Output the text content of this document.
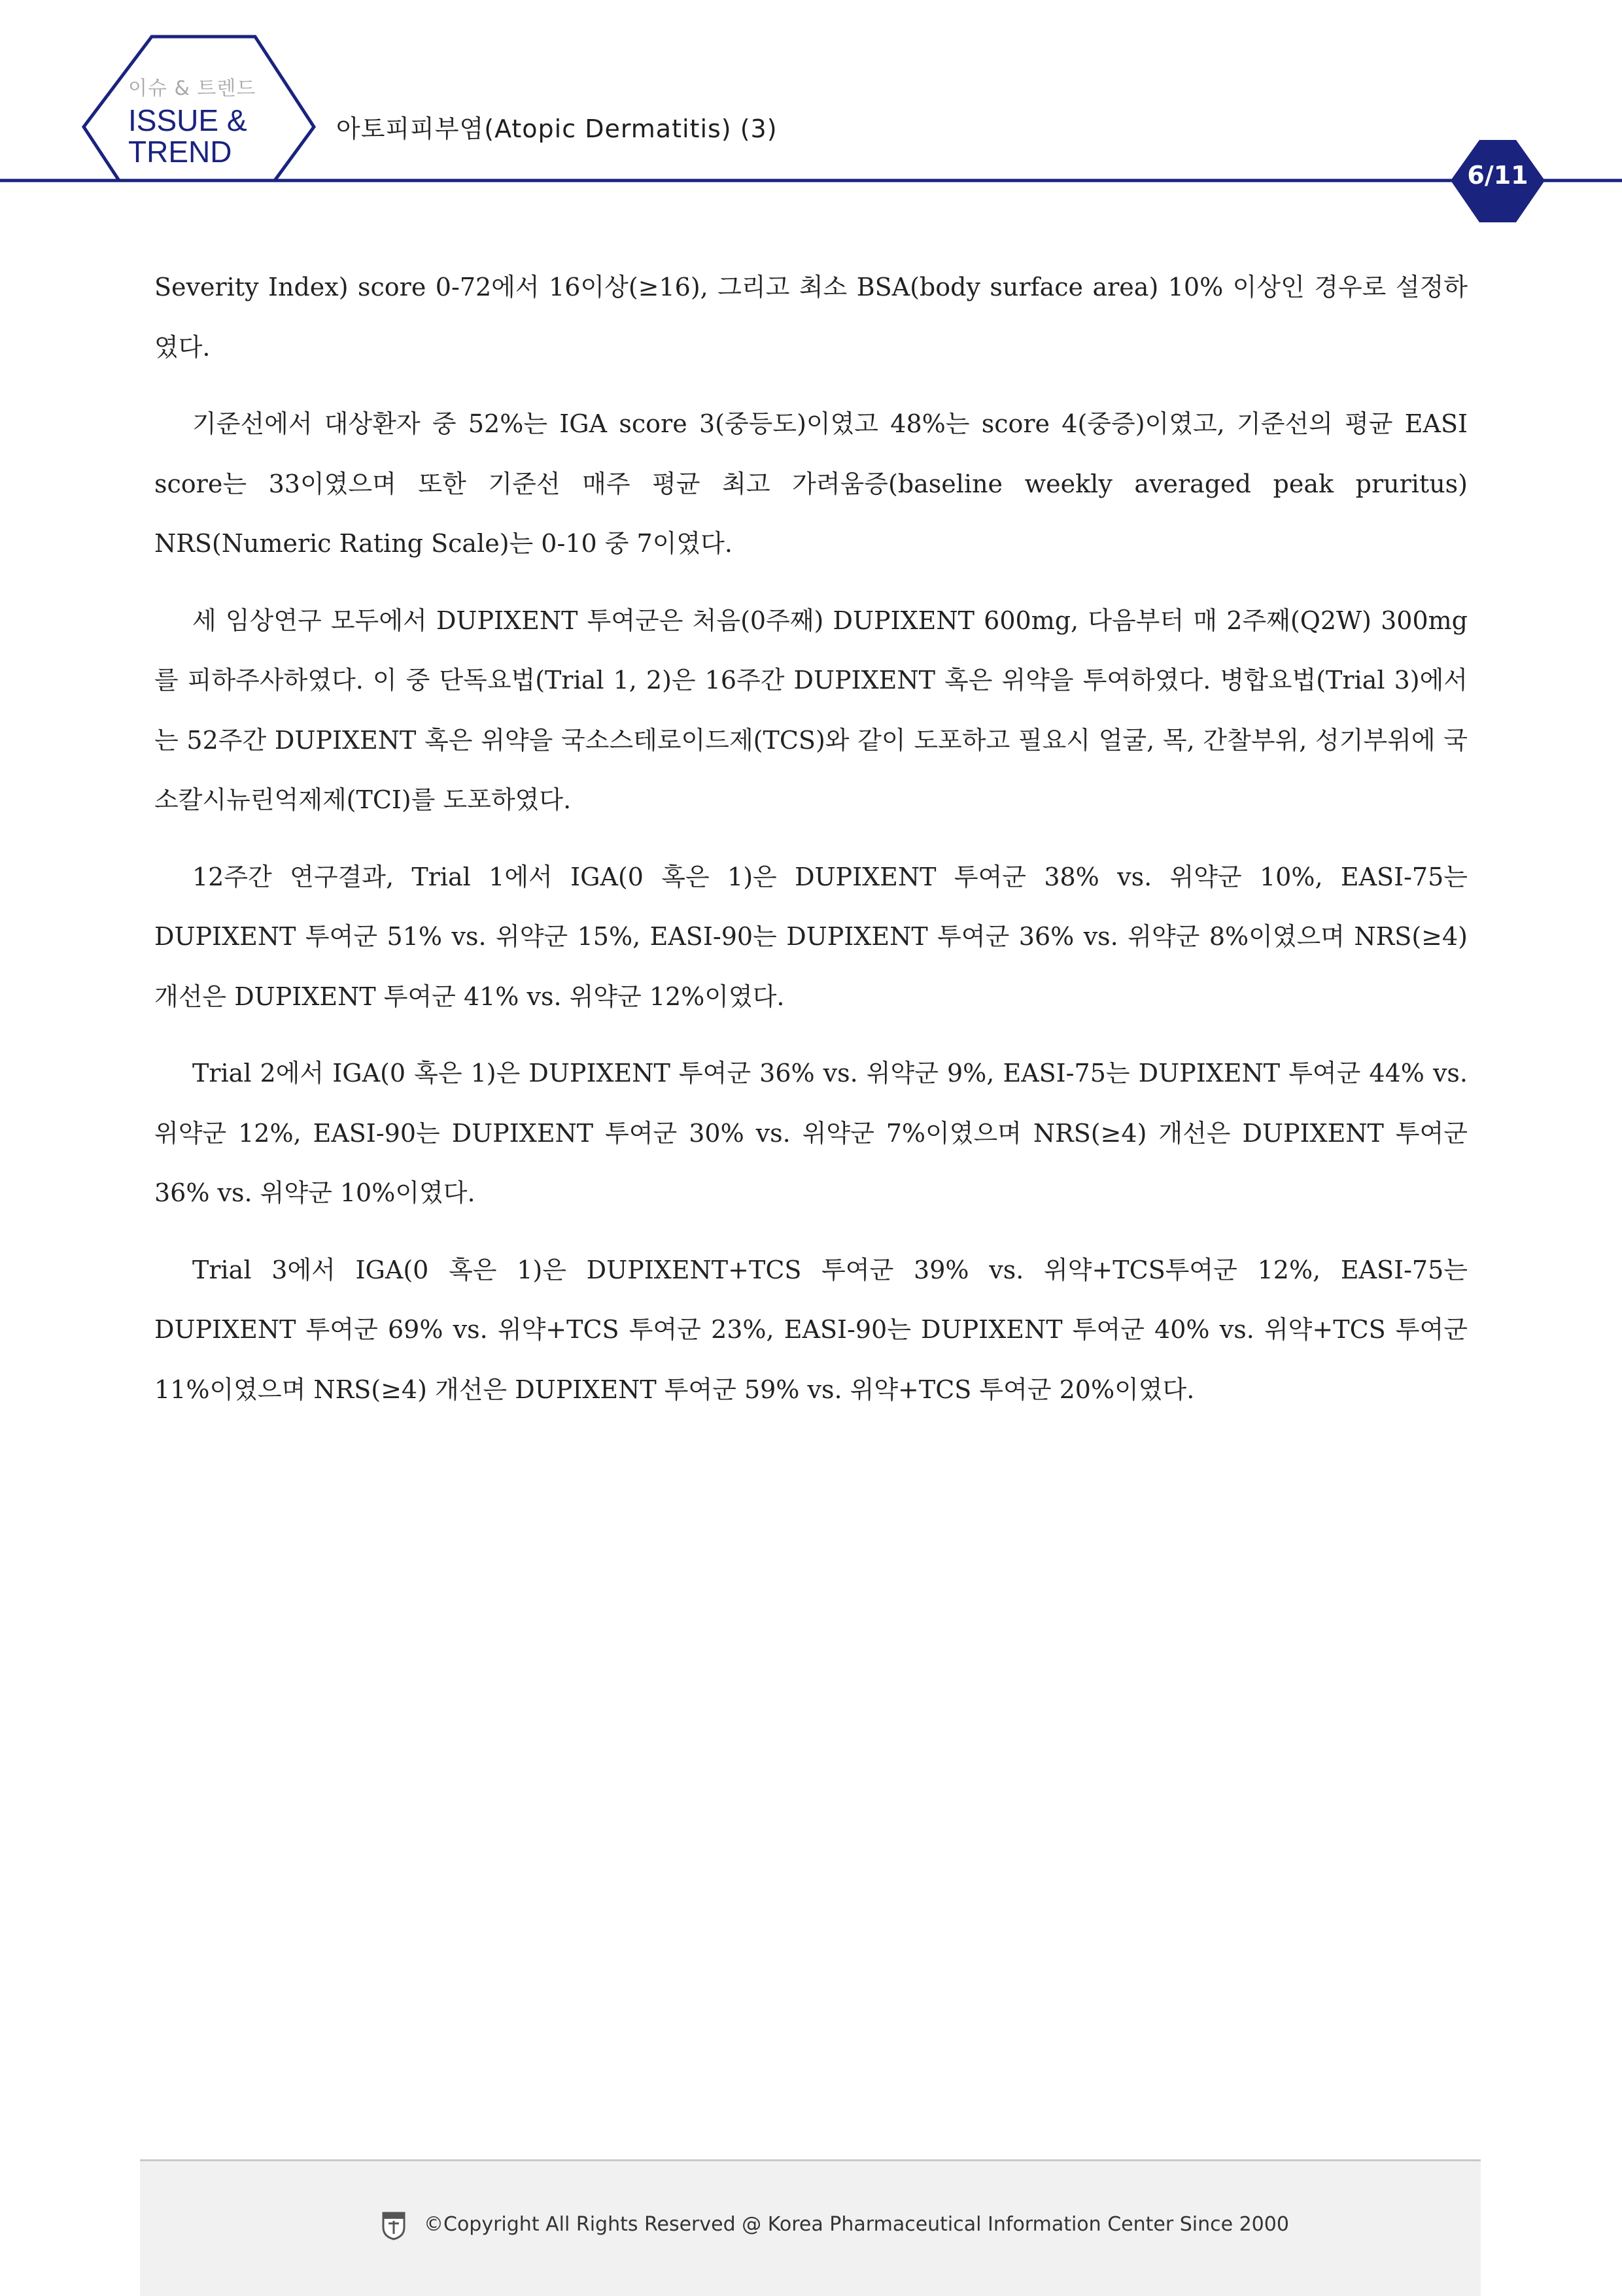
이슈 & 트렌드
ISSUE &
TREND
아토피피부염(Atopic Dermatitis) (3)
6/11

Severity Index) score 0-72에서 16이상(≥16), 그리고 최소 BSA(body surface area) 10% 이상인 경우로 설정하였다.

기준선에서 대상환자 중 52%는 IGA score 3(중등도)이였고 48%는 score 4(중증)이였고, 기준선의 평균 EASI score는 33이였으며 또한 기준선 매주 평균 최고 가려움증(baseline weekly averaged peak pruritus) NRS(Numeric Rating Scale)는 0-10 중 7이였다.

세 임상연구 모두에서 DUPIXENT 투여군은 처음(0주째) DUPIXENT 600mg, 다음부터 매 2주째(Q2W) 300mg를 피하주사하였다. 이 중 단독요법(Trial 1, 2)은 16주간 DUPIXENT 혹은 위약을 투여하였다. 병합요법(Trial 3)에서는 52주간 DUPIXENT 혹은 위약을 국소스테로이드제(TCS)와 같이 도포하고 필요시 얼굴, 목, 간찰부위, 성기부위에 국소칼시뉴린억제제(TCI)를 도포하였다.

12주간 연구결과, Trial 1에서 IGA(0 혹은 1)은 DUPIXENT 투여군 38% vs. 위약군 10%, EASI-75는 DUPIXENT 투여군 51% vs. 위약군 15%, EASI-90는 DUPIXENT 투여군 36% vs. 위약군 8%이였으며 NRS(≥4) 개선은 DUPIXENT 투여군 41% vs. 위약군 12%이였다.

Trial 2에서 IGA(0 혹은 1)은 DUPIXENT 투여군 36% vs. 위약군 9%, EASI-75는 DUPIXENT 투여군 44% vs. 위약군 12%, EASI-90는 DUPIXENT 투여군 30% vs. 위약군 7%이였으며 NRS(≥4) 개선은 DUPIXENT 투여군 36% vs. 위약군 10%이였다.

Trial 3에서 IGA(0 혹은 1)은 DUPIXENT+TCS 투여군 39% vs. 위약+TCS투여군 12%, EASI-75는 DUPIXENT 투여군 69% vs. 위약+TCS 투여군 23%, EASI-90는 DUPIXENT 투여군 40% vs. 위약+TCS 투여군 11%이였으며 NRS(≥4) 개선은 DUPIXENT 투여군 59% vs. 위약+TCS 투여군 20%이였다.

©Copyright All Rights Reserved @ Korea Pharmaceutical Information Center Since 2000
